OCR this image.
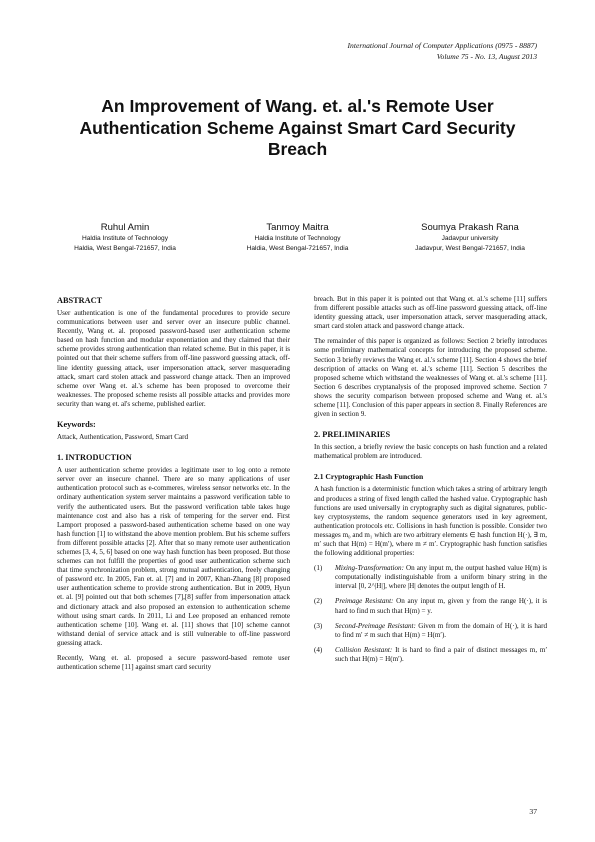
International Journal of Computer Applications (0975 - 8887)
Volume 75 - No. 13, August 2013
An Improvement of Wang. et. al.'s Remote User Authentication Scheme Against Smart Card Security Breach
Ruhul Amin
Haldia Institute of Technology
Haldia, West Bengal-721657, India
Tanmoy Maitra
Haldia Institute of Technology
Haldia, West Bengal-721657, India
Soumya Prakash Rana
Jadavpur university
Jadavpur, West Bengal-721657, India
ABSTRACT

User authentication is one of the fundamental procedures to provide secure communications between user and server over an insecure public channel. Recently, Wang et. al. proposed password-based user authentication scheme based on hash function and modular exponentiation and they claimed that their scheme provides strong authentication than related scheme. But in this paper, it is pointed out that their scheme suffers from off-line password guessing attack, off-line identity guessing attack, user impersonation attack, server masquerading attack, smart card stolen attack and password change attack. Then an improved scheme over Wang et. al.'s scheme has been proposed to overcome their weaknesses. The proposed scheme resists all possible attacks and provides more security than wang et. al's scheme, published earlier.

Keywords:

Attack, Authentication, Password, Smart Card

1. INTRODUCTION

A user authentication scheme provides a legitimate user to log onto a remote server over an insecure channel. There are so many applications of user authentication protocol such as e-commeres, wireless sensor networks etc. In the ordinary authentication system server maintains a password verification table to verify the authenticated users. But the password verification table takes huge maintenance cost and also has a risk of tempering for the server end. First Lamport proposed a password-based authentication scheme based on one way hash function [1] to withstand the above mention problem. But his scheme suffers from different possible attacks [2]. After that so many remote user authentication schemes [3, 4, 5, 6] based on one way hash function has been proposed. But those schemes can not fulfill the properties of good user authentication scheme such that time synchronization problem, strong mutual authentication, freely changing of password etc. In 2005, Fan et. al. [7] and in 2007, Khan-Zhang [8] proposed user authentication scheme to provide strong authentication. But in 2009, Hyun et. al. [9] pointed out that both schemes [7],[8] suffer from impersonation attack and dictionary attack and also proposed an extension to authentication scheme without using smart cards. In 2011, Li and Lee proposed an enhanced remote authentication scheme [10]. Wang et. al. [11] shows that [10] scheme cannot withstand denial of service attack and is still vulnerable to off-line password guessing attack.

Recently, Wang et. al. proposed a secure password-based remote user authentication scheme [11] against smart card security

breach. But in this paper it is pointed out that Wang et. al.'s scheme [11] suffers from different possible attacks such as off-line password guessing attack, off-line identity guessing attack, user impersonation attack, server masquerading attack, smart card stolen attack and password change attack.

The remainder of this paper is organized as follows: Section 2 briefly introduces some preliminary mathematical concepts for introducing the proposed scheme. Section 3 briefly reviews the Wang et. al.'s scheme [11]. Section 4 shows the brief description of attacks on Wang et. al.'s scheme [11]. Section 5 describes the proposed scheme which withstand the weaknesses of Wang et. al.'s scheme [11]. Section 6 describes cryptanalysis of the proposed improved scheme. Section 7 shows the security comparison between proposed scheme and Wang et. al.'s scheme [11]. Conclusion of this paper appears in section 8. Finally References are given in section 9.

2. PRELIMINARIES

In this section, a briefly review the basic concepts on hash function and a related mathematical problem are introduced.

2.1 Cryptographic Hash Function

A hash function is a deterministic function which takes a string of arbitrary length and produces a string of fixed length called the hashed value. Cryptographic hash functions are used universally in cryptography such as digital signatures, public-key cryptosystems, the random sequence generators used in key agreement, authentication protocols etc. Collisions in hash function is possible. Consider two messages m₀ and m₁ which are two arbitrary elements ∈ hash function H(·), ∃ m, m′ such that H(m) = H(m′), where m ≠ m′. Cryptographic hash function satisfies the following additional properties:

(1) Mixing-Transformation: On any input m, the output hashed value H(m) is computationally indistinguishable from a uniform binary string in the interval [0, 2^|H|], where |H| denotes the output length of H.
(2) Preimage Resistant: On any input m, given y from the range H(·), it is hard to find m such that H(m) = y.
(3) Second-Preimage Resistant: Given m from the domain of H(·), it is hard to find m′ ≠ m such that H(m) = H(m′).
(4) Collision Resistant: It is hard to find a pair of distinct messages m, m′ such that H(m) = H(m′).
37
